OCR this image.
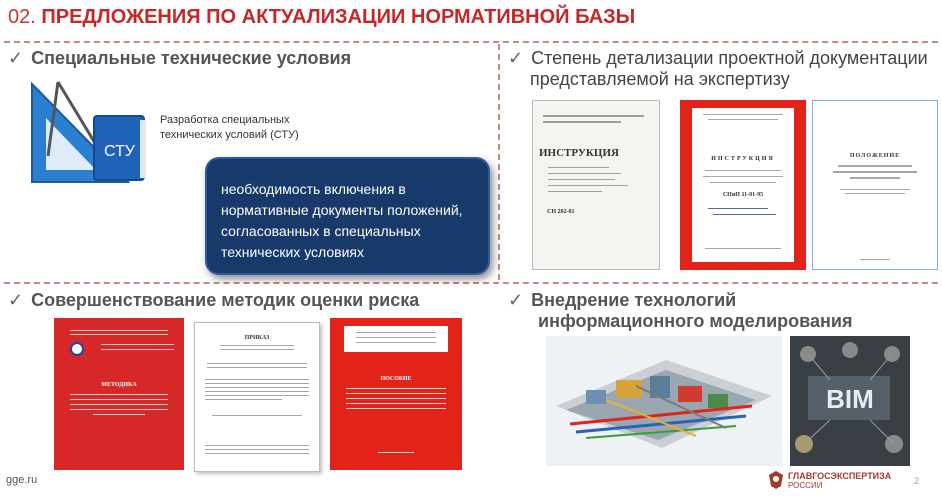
02. ПРЕДЛОЖЕНИЯ ПО АКТУАЛИЗАЦИИ НОРМАТИВНОЙ БАЗЫ
✓ Специальные технические условия
СТУ
Разработка специальных
технических условий (СТУ)
необходимость включения в нормативные документы положений, согласованных в специальных технических условиях
✓ Степень детализации проектной документации
представляемой на экспертизу
ИНСТРУКЦИЯ
СН 202-81
ИНСТРУКЦИЯ
СНиП 11-01-95
ПОЛОЖЕНИЕ
✓ Совершенствование методик оценки риска
МЕТОДИКА
ПРИКАЗ
ПОСОБИЕ
✓ Внедрение технологий
информационного моделирования
BIM
gge.ru	ГЛАВГОСЭКСПЕРТИЗА
РОССИИ	2
